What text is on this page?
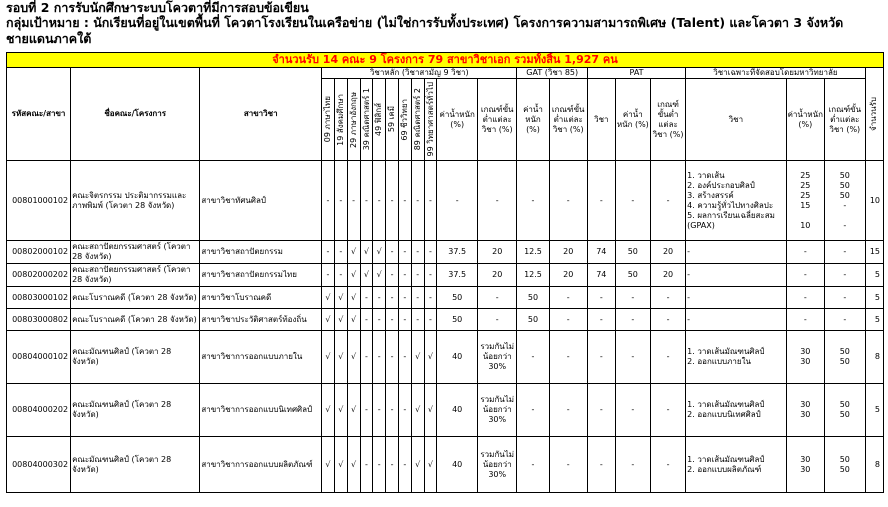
รอบที่ 2 การรับนักศึกษาระบบโควตาที่มีการสอบข้อเขียน
กลุ่มเป้าหมาย : นักเรียนที่อยู่ในเขตพื้นที่ โควตาโรงเรียนในเครือข่าย (ไม่ใช่การรับทั้งประเทศ) โครงการความสามารถพิเศษ (Talent) และโควตา 3 จังหวัดชายแดนภาคใต้
จำนวนรับ 14 คณะ 9 โครงการ 79 สาขาวิชาเอก รวมทั้งสิ้น 1,927 คน																						
รหัสคณะ/สาขา	ชื่อคณะ/โครงการ	สาขาวิชา	วิชาหลัก (วิชาสามัญ 9 วิชา)											GAT (วิชา 85)		PAT			วิชาเฉพาะที่จัดสอบโดยมหาวิทยาลัย			จำนวนรับ

			09 ภาษาไทย	19 สังคมศึกษา	29 ภาษาอังกฤษ	39 คณิตศาสตร์ 1	49 ฟิสิกส์	59 เคมี	69 ชีววิทยา	89 คณิตศาสตร์ 2	99 วิทยาศาสตร์ทั่วไป	ค่าน้ำหนัก (%)	เกณฑ์ขั้นต่ำแต่ละวิชา (%)	ค่าน้ำหนัก (%)	เกณฑ์ขั้นต่ำแต่ละวิชา (%)	วิชา	ค่าน้ำหนัก (%)	เกณฑ์ขั้นต่ำแต่ละวิชา (%)	วิชา	ค่าน้ำหนัก (%)	เกณฑ์ขั้นต่ำแต่ละวิชา (%)	
00801000102	คณะจิตรกรรม ประติมากรรมและภาพพิมพ์ (โควตา 28 จังหวัด)	สาขาวิชาทัศนศิลป์	-	-	-	-	-	-	-	-	-	-	-	-	-	-	-	-	1. วาดเส้น
2. องค์ประกอบศิลป์
3. สร้างสรรค์
4. ความรู้ทั่วไปทางศิลปะ
5. ผลการเรียนเฉลี่ยสะสม (GPAX)	25
25
25
15

10	50
50
50
-

-	10
00802000102	คณะสถาปัตยกรรมศาสตร์ (โควตา 28 จังหวัด)	สาขาวิชาสถาปัตยกรรม	-	-	√	√	√	-	-	-	-	37.5	20	12.5	20	74	50	20	-	-	-	15
00802000202	คณะสถาปัตยกรรมศาสตร์ (โควตา 28 จังหวัด)	สาขาวิชาสถาปัตยกรรมไทย	-	-	√	√	√	-	-	-	-	37.5	20	12.5	20	74	50	20	-	-	-	5
00803000102	คณะโบราณคดี (โควตา 28 จังหวัด)	สาขาวิชาโบราณคดี	√	√	√	-	-	-	-	-	-	50	-	50	-	-	-	-	-	-	-	5
00803000802	คณะโบราณคดี (โควตา 28 จังหวัด)	สาขาวิชาประวัติศาสตร์ท้องถิ่น	√	√	√	-	-	-	-	-	-	50	-	50	-	-	-	-	-	-	-	5
00804000102	คณะมัณฑนศิลป์ (โควตา 28 จังหวัด)	สาขาวิชาการออกแบบภายใน	√	√	√	-	-	-	-	√	√	40	รวมกันไม่น้อยกว่า 30%	-	-	-	-	-	1. วาดเส้นมัณฑนศิลป์
2. ออกแบบภายใน	30
30	50
50	8
00804000202	คณะมัณฑนศิลป์ (โควตา 28 จังหวัด)	สาขาวิชาการออกแบบนิเทศศิลป์	√	√	√	-	-	-	-	√	√	40	รวมกันไม่น้อยกว่า 30%	-	-	-	-	-	1. วาดเส้นมัณฑนศิลป์
2. ออกแบบนิเทศศิลป์	30
30	50
50	5
00804000302	คณะมัณฑนศิลป์ (โควตา 28 จังหวัด)	สาขาวิชาการออกแบบผลิตภัณฑ์	√	√	√	-	-	-	-	√	√	40	รวมกันไม่น้อยกว่า 30%	-	-	-	-	-	1. วาดเส้นมัณฑนศิลป์
2. ออกแบบผลิตภัณฑ์	30
30	50
50	8
